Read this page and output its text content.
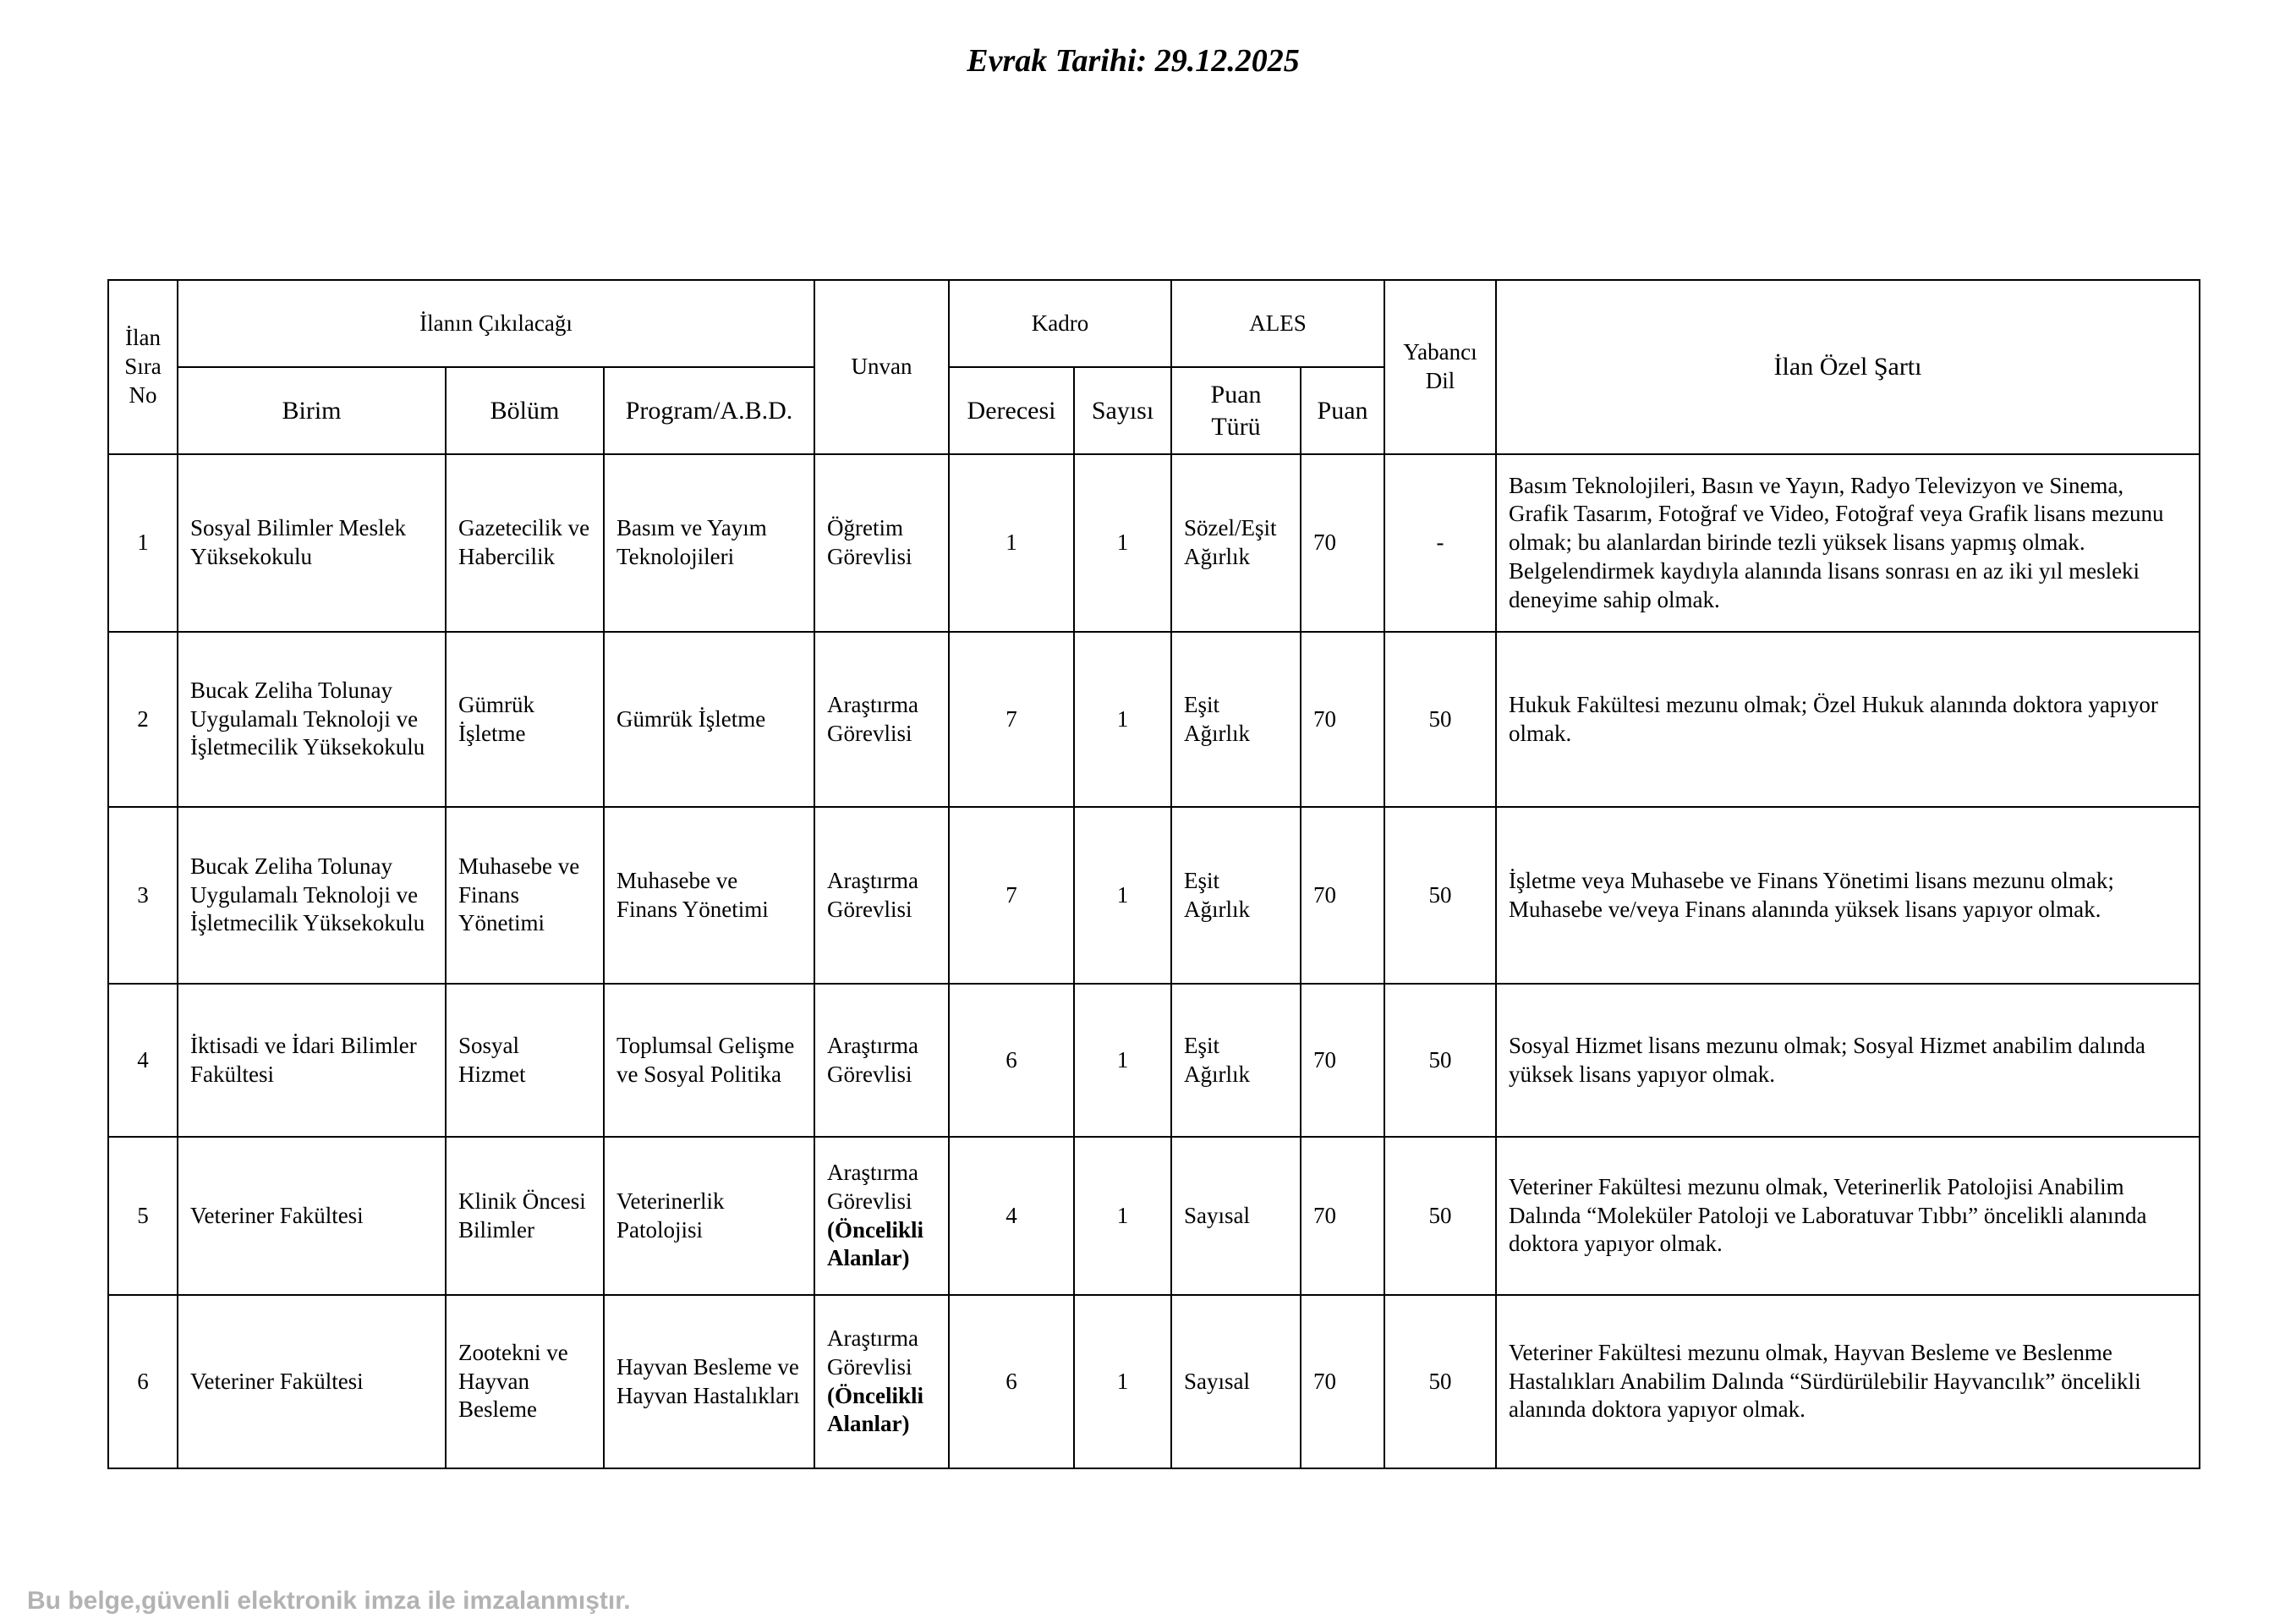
Evrak Tarihi: 29.12.2025
İlan Sıra No	İlanın Çıkılacağı			Unvan	Kadro		ALES		Yabancı Dil	İlan Özel Şartı
	Birim	Bölüm	Program/A.B.D.		Derecesi	Sayısı	Puan Türü	Puan		
1	Sosyal Bilimler Meslek Yüksekokulu	Gazetecilik ve Habercilik	Basım ve Yayım Teknolojileri	Öğretim Görevlisi	1	1	Sözel/Eşit Ağırlık	70	-	Basım Teknolojileri, Basın ve Yayın, Radyo Televizyon ve Sinema, Grafik Tasarım, Fotoğraf ve Video, Fotoğraf veya Grafik lisans mezunu olmak; bu alanlardan birinde tezli yüksek lisans yapmış olmak. Belgelendirmek kaydıyla alanında lisans sonrası en az iki yıl mesleki deneyime sahip olmak.
2	Bucak Zeliha Tolunay Uygulamalı Teknoloji ve İşletmecilik Yüksekokulu	Gümrük İşletme	Gümrük İşletme	Araştırma Görevlisi	7	1	Eşit Ağırlık	70	50	Hukuk Fakültesi mezunu olmak; Özel Hukuk alanında doktora yapıyor olmak.
3	Bucak Zeliha Tolunay Uygulamalı Teknoloji ve İşletmecilik Yüksekokulu	Muhasebe ve Finans Yönetimi	Muhasebe ve Finans Yönetimi	Araştırma Görevlisi	7	1	Eşit Ağırlık	70	50	İşletme veya Muhasebe ve Finans Yönetimi lisans mezunu olmak; Muhasebe ve/veya Finans alanında yüksek lisans yapıyor olmak.
4	İktisadi ve İdari Bilimler Fakültesi	Sosyal Hizmet	Toplumsal Gelişme ve Sosyal Politika	Araştırma Görevlisi	6	1	Eşit Ağırlık	70	50	Sosyal Hizmet lisans mezunu olmak; Sosyal Hizmet anabilim dalında yüksek lisans yapıyor olmak.
5	Veteriner Fakültesi	Klinik Öncesi Bilimler	Veterinerlik Patolojisi	Araştırma Görevlisi (Öncelikli Alanlar)	4	1	Sayısal	70	50	Veteriner Fakültesi mezunu olmak, Veterinerlik Patolojisi Anabilim Dalında “Moleküler Patoloji ve Laboratuvar Tıbbı” öncelikli alanında doktora yapıyor olmak.
6	Veteriner Fakültesi	Zootekni ve Hayvan Besleme	Hayvan Besleme ve Hayvan Hastalıkları	Araştırma Görevlisi (Öncelikli Alanlar)	6	1	Sayısal	70	50	Veteriner Fakültesi mezunu olmak, Hayvan Besleme ve Beslenme Hastalıkları Anabilim Dalında “Sürdürülebilir Hayvancılık” öncelikli alanında doktora yapıyor olmak.

Bu belge,güvenli elektronik imza ile imzalanmıştır.
